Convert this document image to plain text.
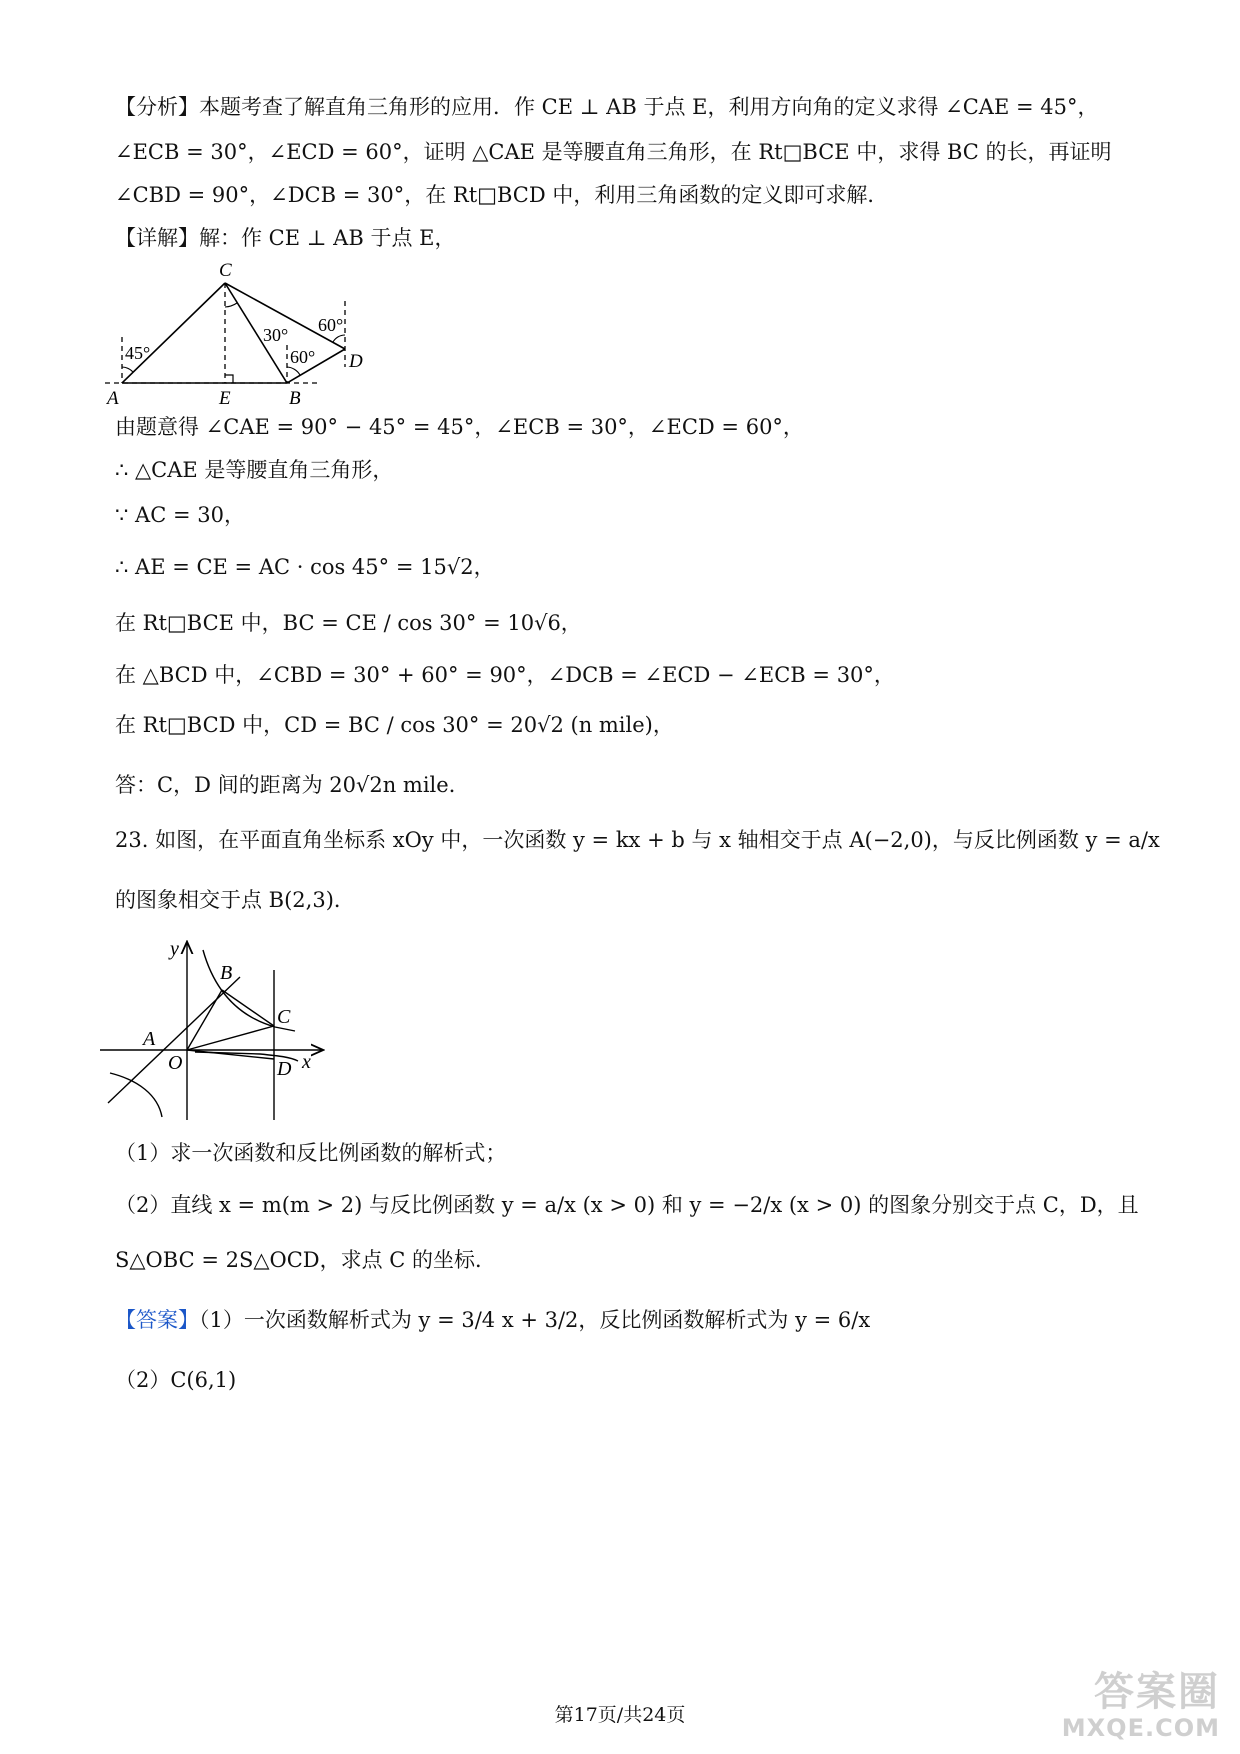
【分析】本题考查了解直角三角形的应用．作 CE ⊥ AB 于点 E，利用方向角的定义求得 ∠CAE = 45°，
∠ECB = 30°，∠ECD = 60°，证明 △CAE 是等腰直角三角形，在 Rt□BCE 中，求得 BC 的长，再证明
∠CBD = 90°，∠DCB = 30°，在 Rt□BCD 中，利用三角函数的定义即可求解．
【详解】解：作 CE ⊥ AB 于点 E，
C
A	E	B
D
45°
30° 60°
60°
由题意得 ∠CAE = 90° − 45° = 45°，∠ECB = 30°，∠ECD = 60°，
∴ △CAE 是等腰直角三角形，
∵ AC = 30，
∴ AE = CE = AC · cos 45° = 15√2，
在 Rt□BCE 中，BC = CE / cos 30° = 10√6，
在 △BCD 中，∠CBD = 30° + 60° = 90°，∠DCB = ∠ECD − ∠ECB = 30°，
在 Rt□BCD 中，CD = BC / cos 30° = 20√2 (n mile)，
答：C，D 间的距离为 20√2n mile．
23. 如图，在平面直角坐标系 xOy 中，一次函数 y = kx + b 与 x 轴相交于点 A(−2,0)，与反比例函数 y = a/x
的图象相交于点 B(2,3)．
y
x
O
A
B
C
D
（1）求一次函数和反比例函数的解析式；
（2）直线 x = m(m > 2) 与反比例函数 y = a/x (x > 0) 和 y = −2/x (x > 0) 的图象分别交于点 C，D，且
S△OBC = 2S△OCD，求点 C 的坐标．
【答案】（1）一次函数解析式为 y = 3/4 x + 3/2，反比例函数解析式为 y = 6/x
（2）C(6,1)
第17页/共24页	答案圈
MXQE.COM
